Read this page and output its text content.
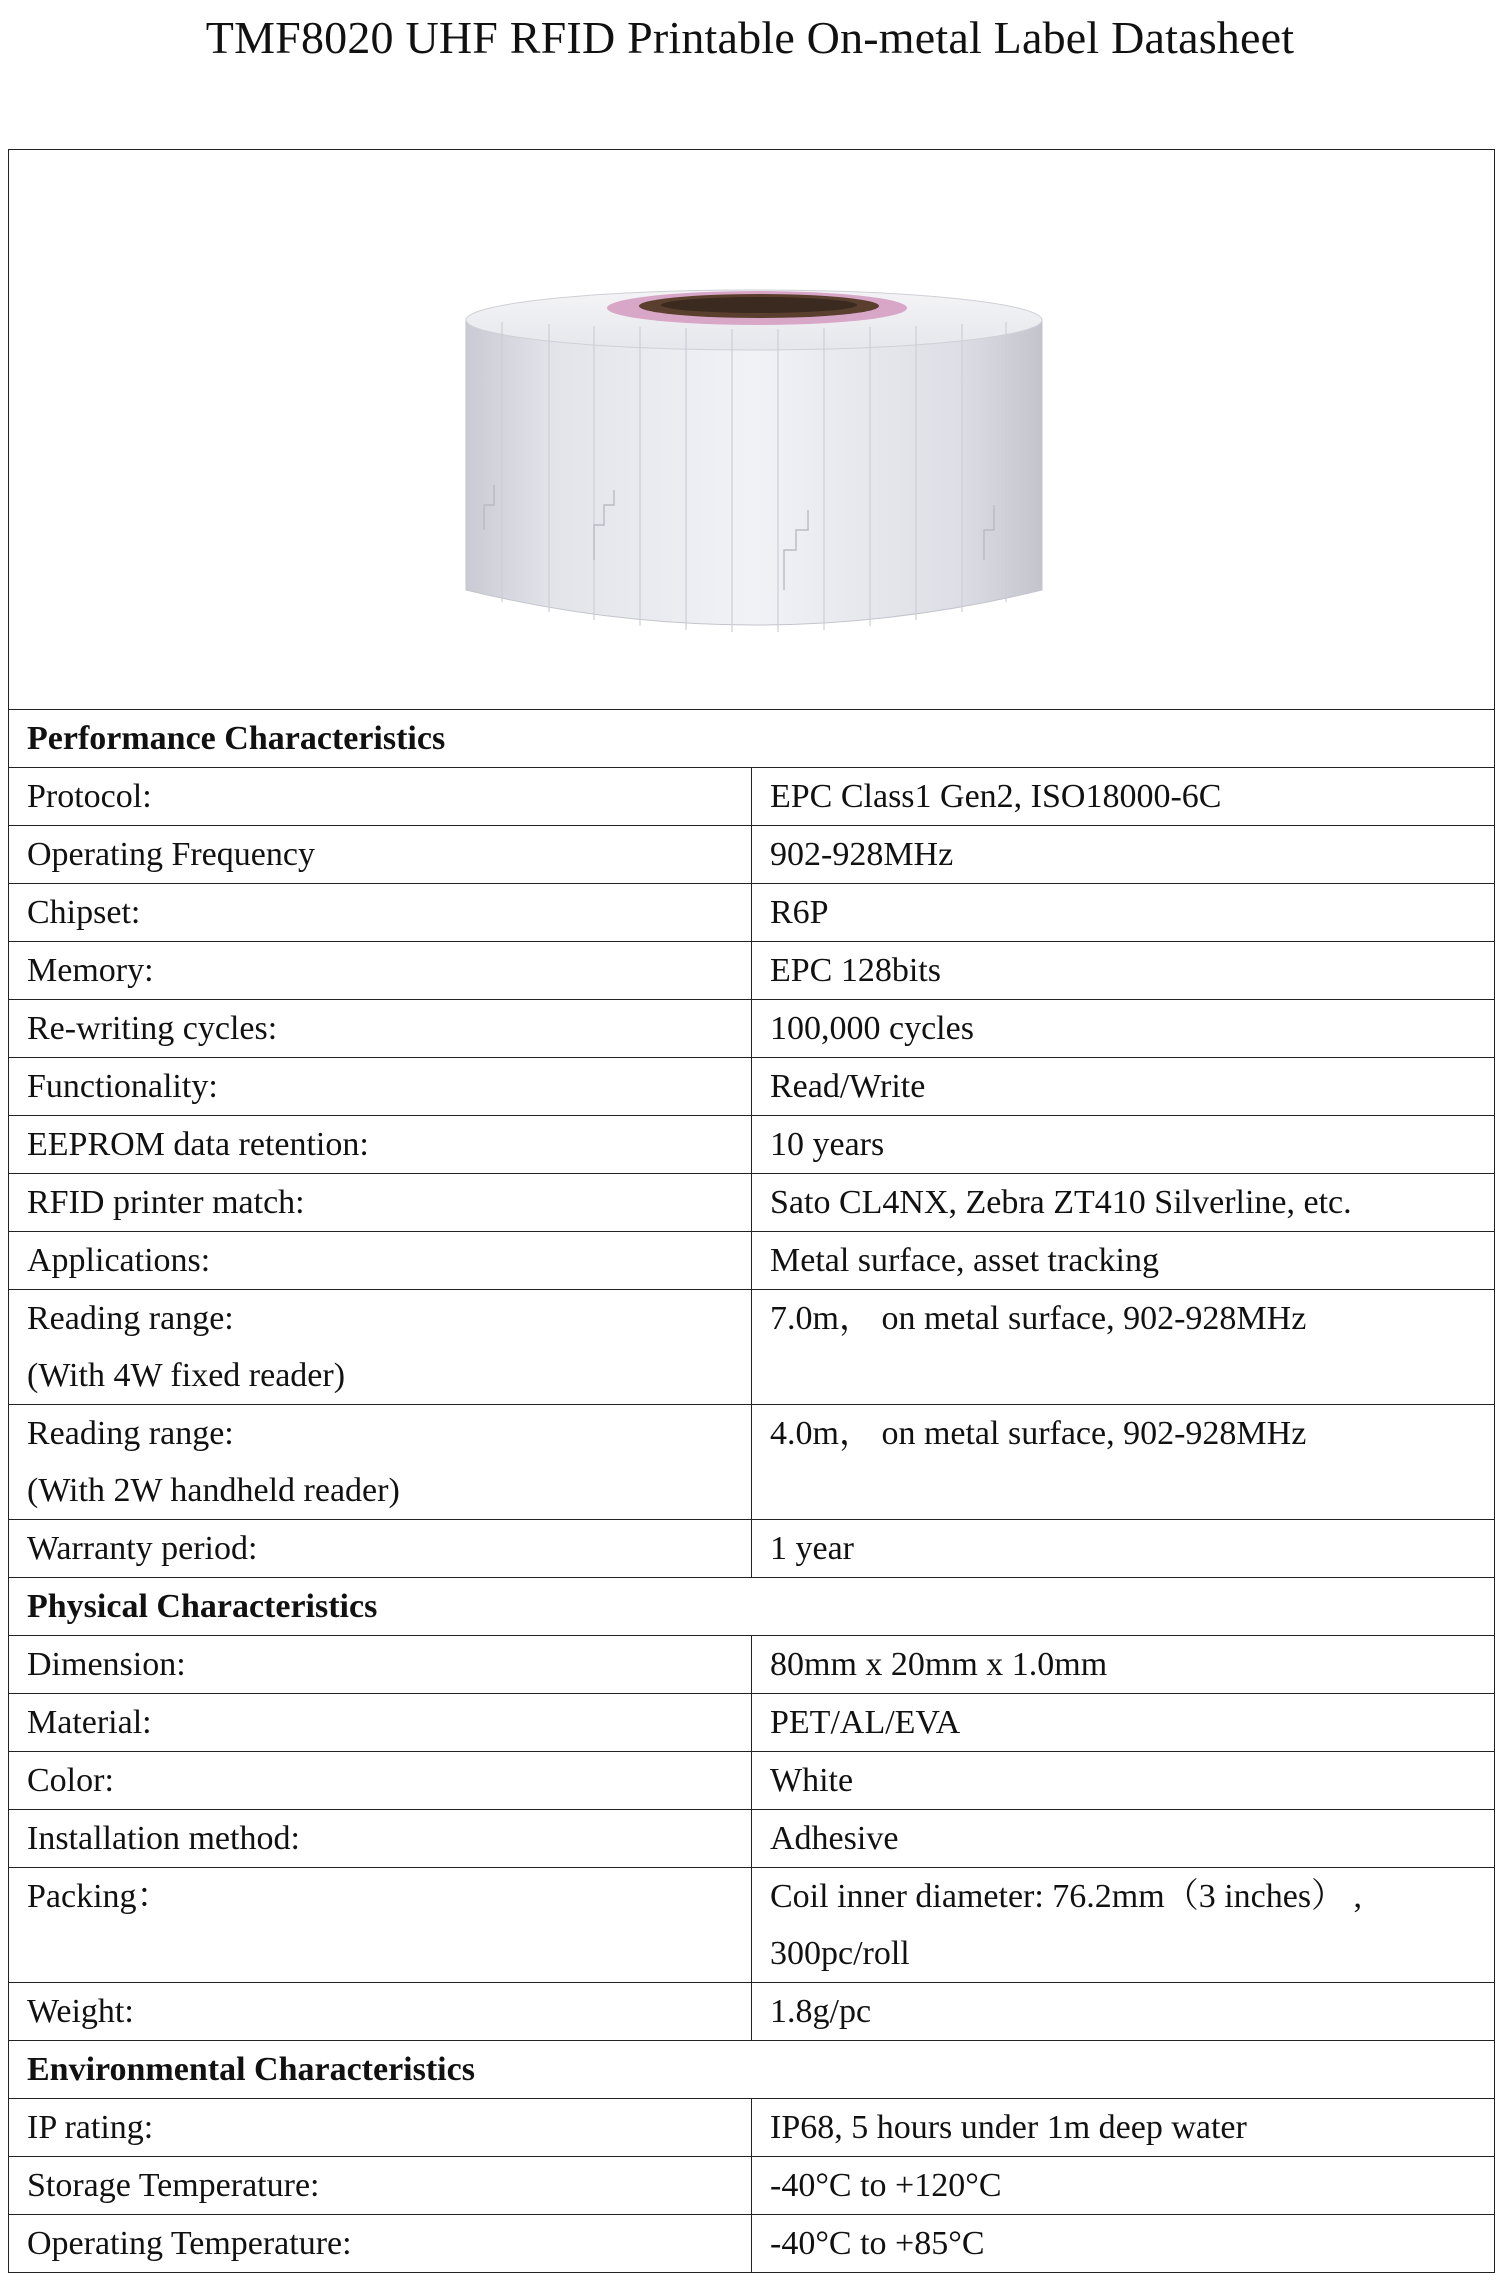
TMF8020 UHF RFID Printable On-metal Label Datasheet

Performance Characteristics	

Protocol:	EPC Class1 Gen2, ISO18000-6C

Operating Frequency	902-928MHz

Chipset:	R6P

Memory:	EPC 128bits

Re-writing cycles:	100,000 cycles

Functionality:	Read/Write

EEPROM data retention:	10 years

RFID printer match:	Sato CL4NX, Zebra ZT410 Silverline, etc.

Applications:	Metal surface, asset tracking

Reading range:
(With 4W fixed reader)	7.0m， on metal surface, 902-928MHz

Reading range:
(With 2W handheld reader)	4.0m， on metal surface, 902-928MHz

Warranty period:	1 year
Physical Characteristics	

Dimension:	80mm x 20mm x 1.0mm

Material:	PET/AL/EVA

Color:	White

Installation method:	Adhesive

Packing：	Coil inner diameter: 76.2mm（3 inches） , 300pc/roll

Weight:	1.8g/pc
Environmental Characteristics	

IP rating:	IP68, 5 hours under 1m deep water

Storage Temperature:	-40°C to +120°C

Operating Temperature:	-40°C to +85°C
